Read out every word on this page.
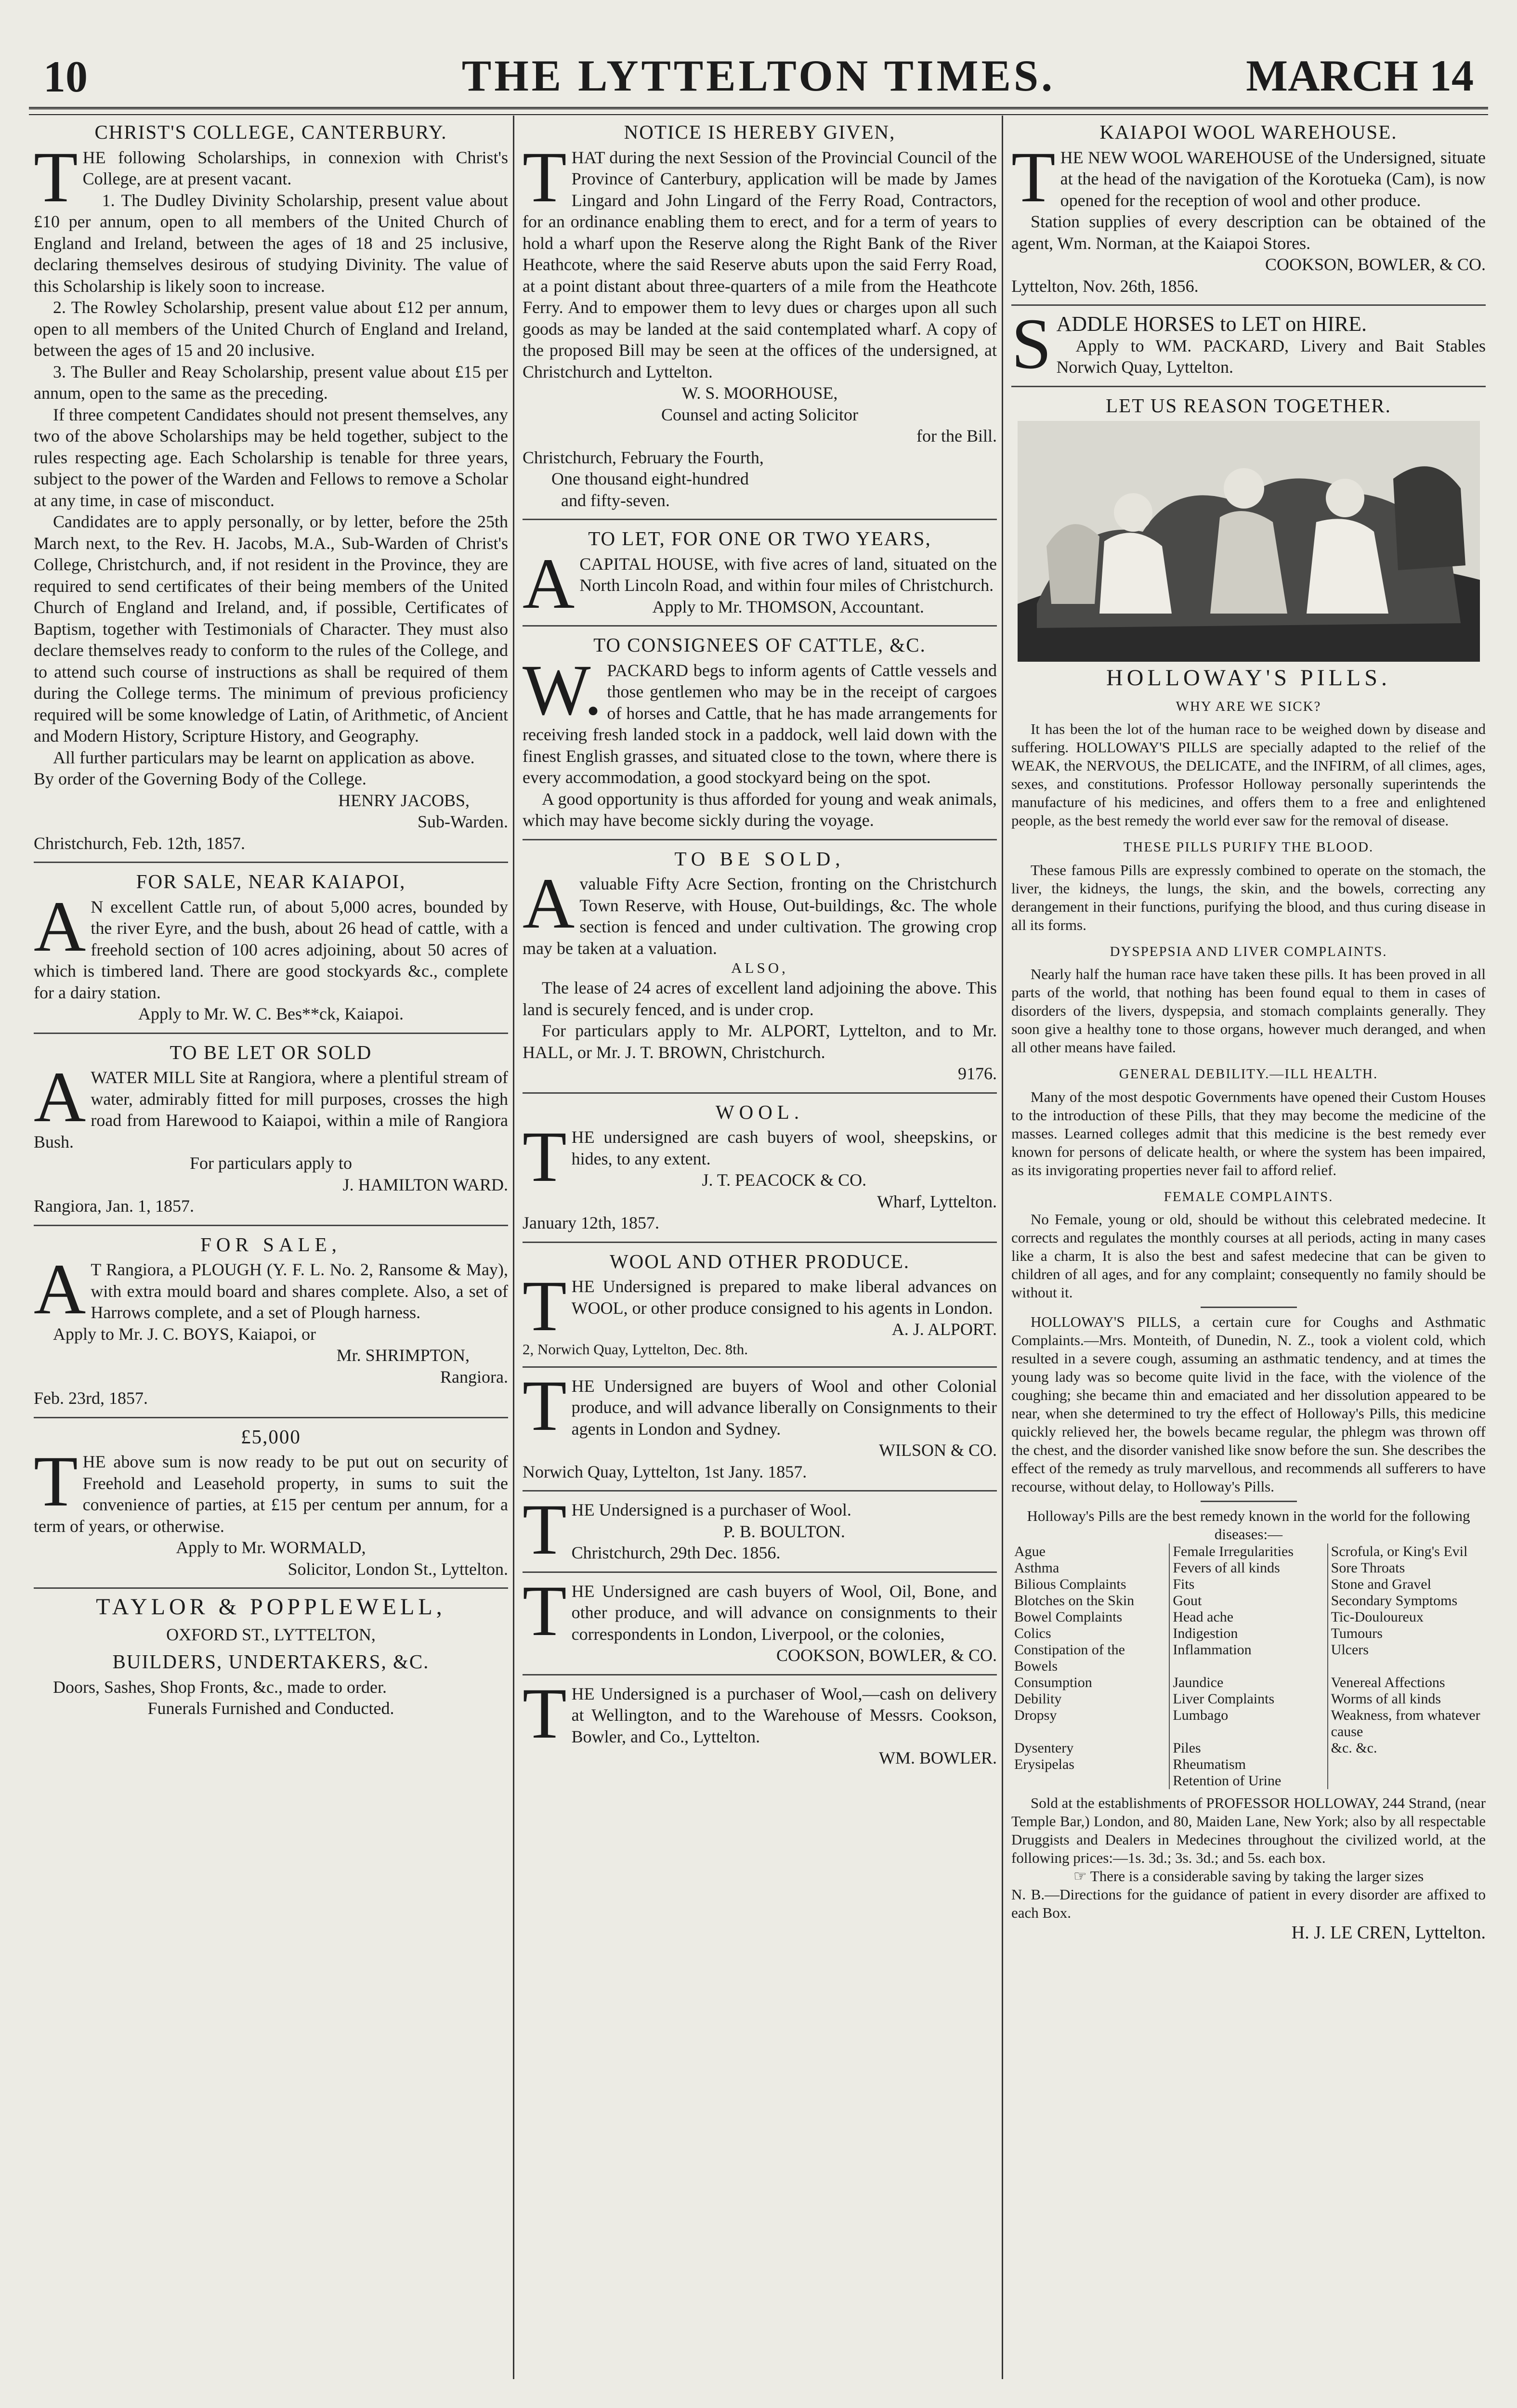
10	THE LYTTELTON TIMES.	MARCH 14

CHRIST'S COLLEGE, CANTERBURY.

THE following Scholarships, in connexion with Christ's College, are at present vacant.

1. The Dudley Divinity Scholarship, present value about £10 per annum, open to all members of the United Church of England and Ireland, between the ages of 18 and 25 inclusive, declaring themselves desirous of studying Divinity. The value of this Scholarship is likely soon to increase.

2. The Rowley Scholarship, present value about £12 per annum, open to all members of the United Church of England and Ireland, between the ages of 15 and 20 inclusive.

3. The Buller and Reay Scholarship, present value about £15 per annum, open to the same as the preceding.

If three competent Candidates should not present themselves, any two of the above Scholarships may be held together, subject to the rules respecting age. Each Scholarship is tenable for three years, subject to the power of the Warden and Fellows to remove a Scholar at any time, in case of misconduct.

Candidates are to apply personally, or by letter, before the 25th March next, to the Rev. H. Jacobs, M.A., Sub-Warden of Christ's College, Christchurch, and, if not resident in the Province, they are required to send certificates of their being members of the United Church of England and Ireland, and, if possible, Certificates of Baptism, together with Testimonials of Character. They must also declare themselves ready to conform to the rules of the College, and to attend such course of instructions as shall be required of them during the College terms. The minimum of previous proficiency required will be some knowledge of Latin, of Arithmetic, of Ancient and Modern History, Scripture History, and Geography.

All further particulars may be learnt on application as above.

By order of the Governing Body of the College.

HENRY JACOBS,

Sub-Warden.

Christchurch, Feb. 12th, 1857.

FOR SALE, NEAR KAIAPOI,

AN excellent Cattle run, of about 5,000 acres, bounded by the river Eyre, and the bush, about 26 head of cattle, with a freehold section of 100 acres adjoining, about 50 acres of which is timbered land. There are good stockyards &c., complete for a dairy station.

Apply to Mr. W. C. Bes**ck, Kaiapoi.

TO BE LET OR SOLD

AWATER MILL Site at Rangiora, where a plentiful stream of water, admirably fitted for mill purposes, crosses the high road from Harewood to Kaiapoi, within a mile of Rangiora Bush.

For particulars apply to

J. HAMILTON WARD.

Rangiora, Jan. 1, 1857.

FOR SALE,

AT Rangiora, a PLOUGH (Y. F. L. No. 2, Ransome & May), with extra mould board and shares complete. Also, a set of Harrows complete, and a set of Plough harness.

Apply to Mr. J. C. BOYS, Kaiapoi, or

Mr. SHRIMPTON,

Rangiora.

Feb. 23rd, 1857.

£5,000

THE above sum is now ready to be put out on security of Freehold and Leasehold property, in sums to suit the convenience of parties, at £15 per centum per annum, for a term of years, or otherwise.

Apply to Mr. WORMALD,

Solicitor, London St., Lyttelton.

TAYLOR & POPPLEWELL,

OXFORD ST., LYTTELTON,

BUILDERS, UNDERTAKERS, &C.

Doors, Sashes, Shop Fronts, &c., made to order.

Funerals Furnished and Conducted.

NOTICE IS HEREBY GIVEN,

THAT during the next Session of the Provincial Council of the Province of Canterbury, application will be made by James Lingard and John Lingard of the Ferry Road, Contractors, for an ordinance enabling them to erect, and for a term of years to hold a wharf upon the Reserve along the Right Bank of the River Heathcote, where the said Reserve abuts upon the said Ferry Road, at a point distant about three-quarters of a mile from the Heathcote Ferry. And to empower them to levy dues or charges upon all such goods as may be landed at the said contemplated wharf. A copy of the proposed Bill may be seen at the offices of the undersigned, at Christchurch and Lyttelton.

W. S. MOORHOUSE,

Counsel and acting Solicitor

for the Bill.

Christchurch, February the Fourth,

One thousand eight-hundred

and fifty-seven.

TO LET, FOR ONE OR TWO YEARS,

ACAPITAL HOUSE, with five acres of land, situated on the North Lincoln Road, and within four miles of Christchurch.

Apply to Mr. THOMSON, Accountant.

TO CONSIGNEES OF CATTLE, &C.

W.PACKARD begs to inform agents of Cattle vessels and those gentlemen who may be in the receipt of cargoes of horses and Cattle, that he has made arrangements for receiving fresh landed stock in a paddock, well laid down with the finest English grasses, and situated close to the town, where there is every accommodation, a good stockyard being on the spot.

A good opportunity is thus afforded for young and weak animals, which may have become sickly during the voyage.

TO BE SOLD,

Avaluable Fifty Acre Section, fronting on the Christchurch Town Reserve, with House, Out-buildings, &c. The whole section is fenced and under cultivation. The growing crop may be taken at a valuation.

ALSO,

The lease of 24 acres of excellent land adjoining the above. This land is securely fenced, and is under crop.

For particulars apply to Mr. ALPORT, Lyttelton, and to Mr. HALL, or Mr. J. T. BROWN, Christchurch.

9176.

WOOL.

THE undersigned are cash buyers of wool, sheepskins, or hides, to any extent.

J. T. PEACOCK & CO.

Wharf, Lyttelton.

January 12th, 1857.

WOOL AND OTHER PRODUCE.

THE Undersigned is prepared to make liberal advances on WOOL, or other produce consigned to his agents in London.

A. J. ALPORT.

2, Norwich Quay, Lyttelton, Dec. 8th.

THE Undersigned are buyers of Wool and other Colonial produce, and will advance liberally on Consignments to their agents in London and Sydney.

WILSON & CO.

Norwich Quay, Lyttelton, 1st Jany. 1857.

THE Undersigned is a purchaser of Wool.

P. B. BOULTON.

Christchurch, 29th Dec. 1856.

THE Undersigned are cash buyers of Wool, Oil, Bone, and other produce, and will advance on consignments to their correspondents in London, Liverpool, or the colonies,

COOKSON, BOWLER, & CO.

THE Undersigned is a purchaser of Wool,—cash on delivery at Wellington, and to the Warehouse of Messrs. Cookson, Bowler, and Co., Lyttelton.

WM. BOWLER.

KAIAPOI WOOL WAREHOUSE.

THE NEW WOOL WAREHOUSE of the Undersigned, situate at the head of the navigation of the Korotueka (Cam), is now opened for the reception of wool and other produce.

Station supplies of every description can be obtained of the agent, Wm. Norman, at the Kaiapoi Stores.

COOKSON, BOWLER, & CO.

Lyttelton, Nov. 26th, 1856.

SADDLE HORSES to LET on HIRE.

Apply to WM. PACKARD, Livery and Bait Stables Norwich Quay, Lyttelton.

LET US REASON TOGETHER.

HOLLOWAY'S PILLS.

WHY ARE WE SICK?

It has been the lot of the human race to be weighed down by disease and suffering. HOLLOWAY'S PILLS are specially adapted to the relief of the WEAK, the NERVOUS, the DELICATE, and the INFIRM, of all climes, ages, sexes, and constitutions. Professor Holloway personally superintends the manufacture of his medicines, and offers them to a free and enlightened people, as the best remedy the world ever saw for the removal of disease.

THESE PILLS PURIFY THE BLOOD.

These famous Pills are expressly combined to operate on the stomach, the liver, the kidneys, the lungs, the skin, and the bowels, correcting any derangement in their functions, purifying the blood, and thus curing disease in all its forms.

DYSPEPSIA AND LIVER COMPLAINTS.

Nearly half the human race have taken these pills. It has been proved in all parts of the world, that nothing has been found equal to them in cases of disorders of the livers, dyspepsia, and stomach complaints generally. They soon give a healthy tone to those organs, however much deranged, and when all other means have failed.

GENERAL DEBILITY.—ILL HEALTH.

Many of the most despotic Governments have opened their Custom Houses to the introduction of these Pills, that they may become the medicine of the masses. Learned colleges admit that this medicine is the best remedy ever known for persons of delicate health, or where the system has been impaired, as its invigorating properties never fail to afford relief.

FEMALE COMPLAINTS.

No Female, young or old, should be without this celebrated medecine. It corrects and regulates the monthly courses at all periods, acting in many cases like a charm, It is also the best and safest medecine that can be given to children of all ages, and for any complaint; consequently no family should be without it.

HOLLOWAY'S PILLS, a certain cure for Coughs and Asthmatic Complaints.—Mrs. Monteith, of Dunedin, N. Z., took a violent cold, which resulted in a severe cough, assuming an asthmatic tendency, and at times the young lady was so become quite livid in the face, with the violence of the coughing; she became thin and emaciated and her dissolution appeared to be near, when she determined to try the effect of Holloway's Pills, this medicine quickly relieved her, the bowels became regular, the phlegm was thrown off the chest, and the disorder vanished like snow before the sun. She describes the effect of the remedy as truly marvellous, and recommends all sufferers to have recourse, without delay, to Holloway's Pills.

Holloway's Pills are the best remedy known in the world for the following diseases:—

Ague	Female Irregularities	Scrofula, or King's Evil
Asthma	Fevers of all kinds	Sore Throats
Bilious Complaints	Fits	Stone and Gravel
Blotches on the Skin	Gout	Secondary Symptoms
Bowel Complaints	Head ache	Tic-Douloureux
Colics	Indigestion	Tumours
Constipation of the Bowels	Inflammation	Ulcers
Consumption	Jaundice	Venereal Affections
Debility	Liver Complaints	Worms of all kinds
Dropsy	Lumbago	Weakness, from whatever cause
Dysentery	Piles	&c. &c.
Erysipelas	Rheumatism	
	Retention of Urine	

Sold at the establishments of PROFESSOR HOLLOWAY, 244 Strand, (near Temple Bar,) London, and 80, Maiden Lane, New York; also by all respectable Druggists and Dealers in Medecines throughout the civilized world, at the following prices:—1s. 3d.; 3s. 3d.; and 5s. each box.

☞ There is a considerable saving by taking the larger sizes

N. B.—Directions for the guidance of patient in every disorder are affixed to each Box.

H. J. LE CREN, Lyttelton.
